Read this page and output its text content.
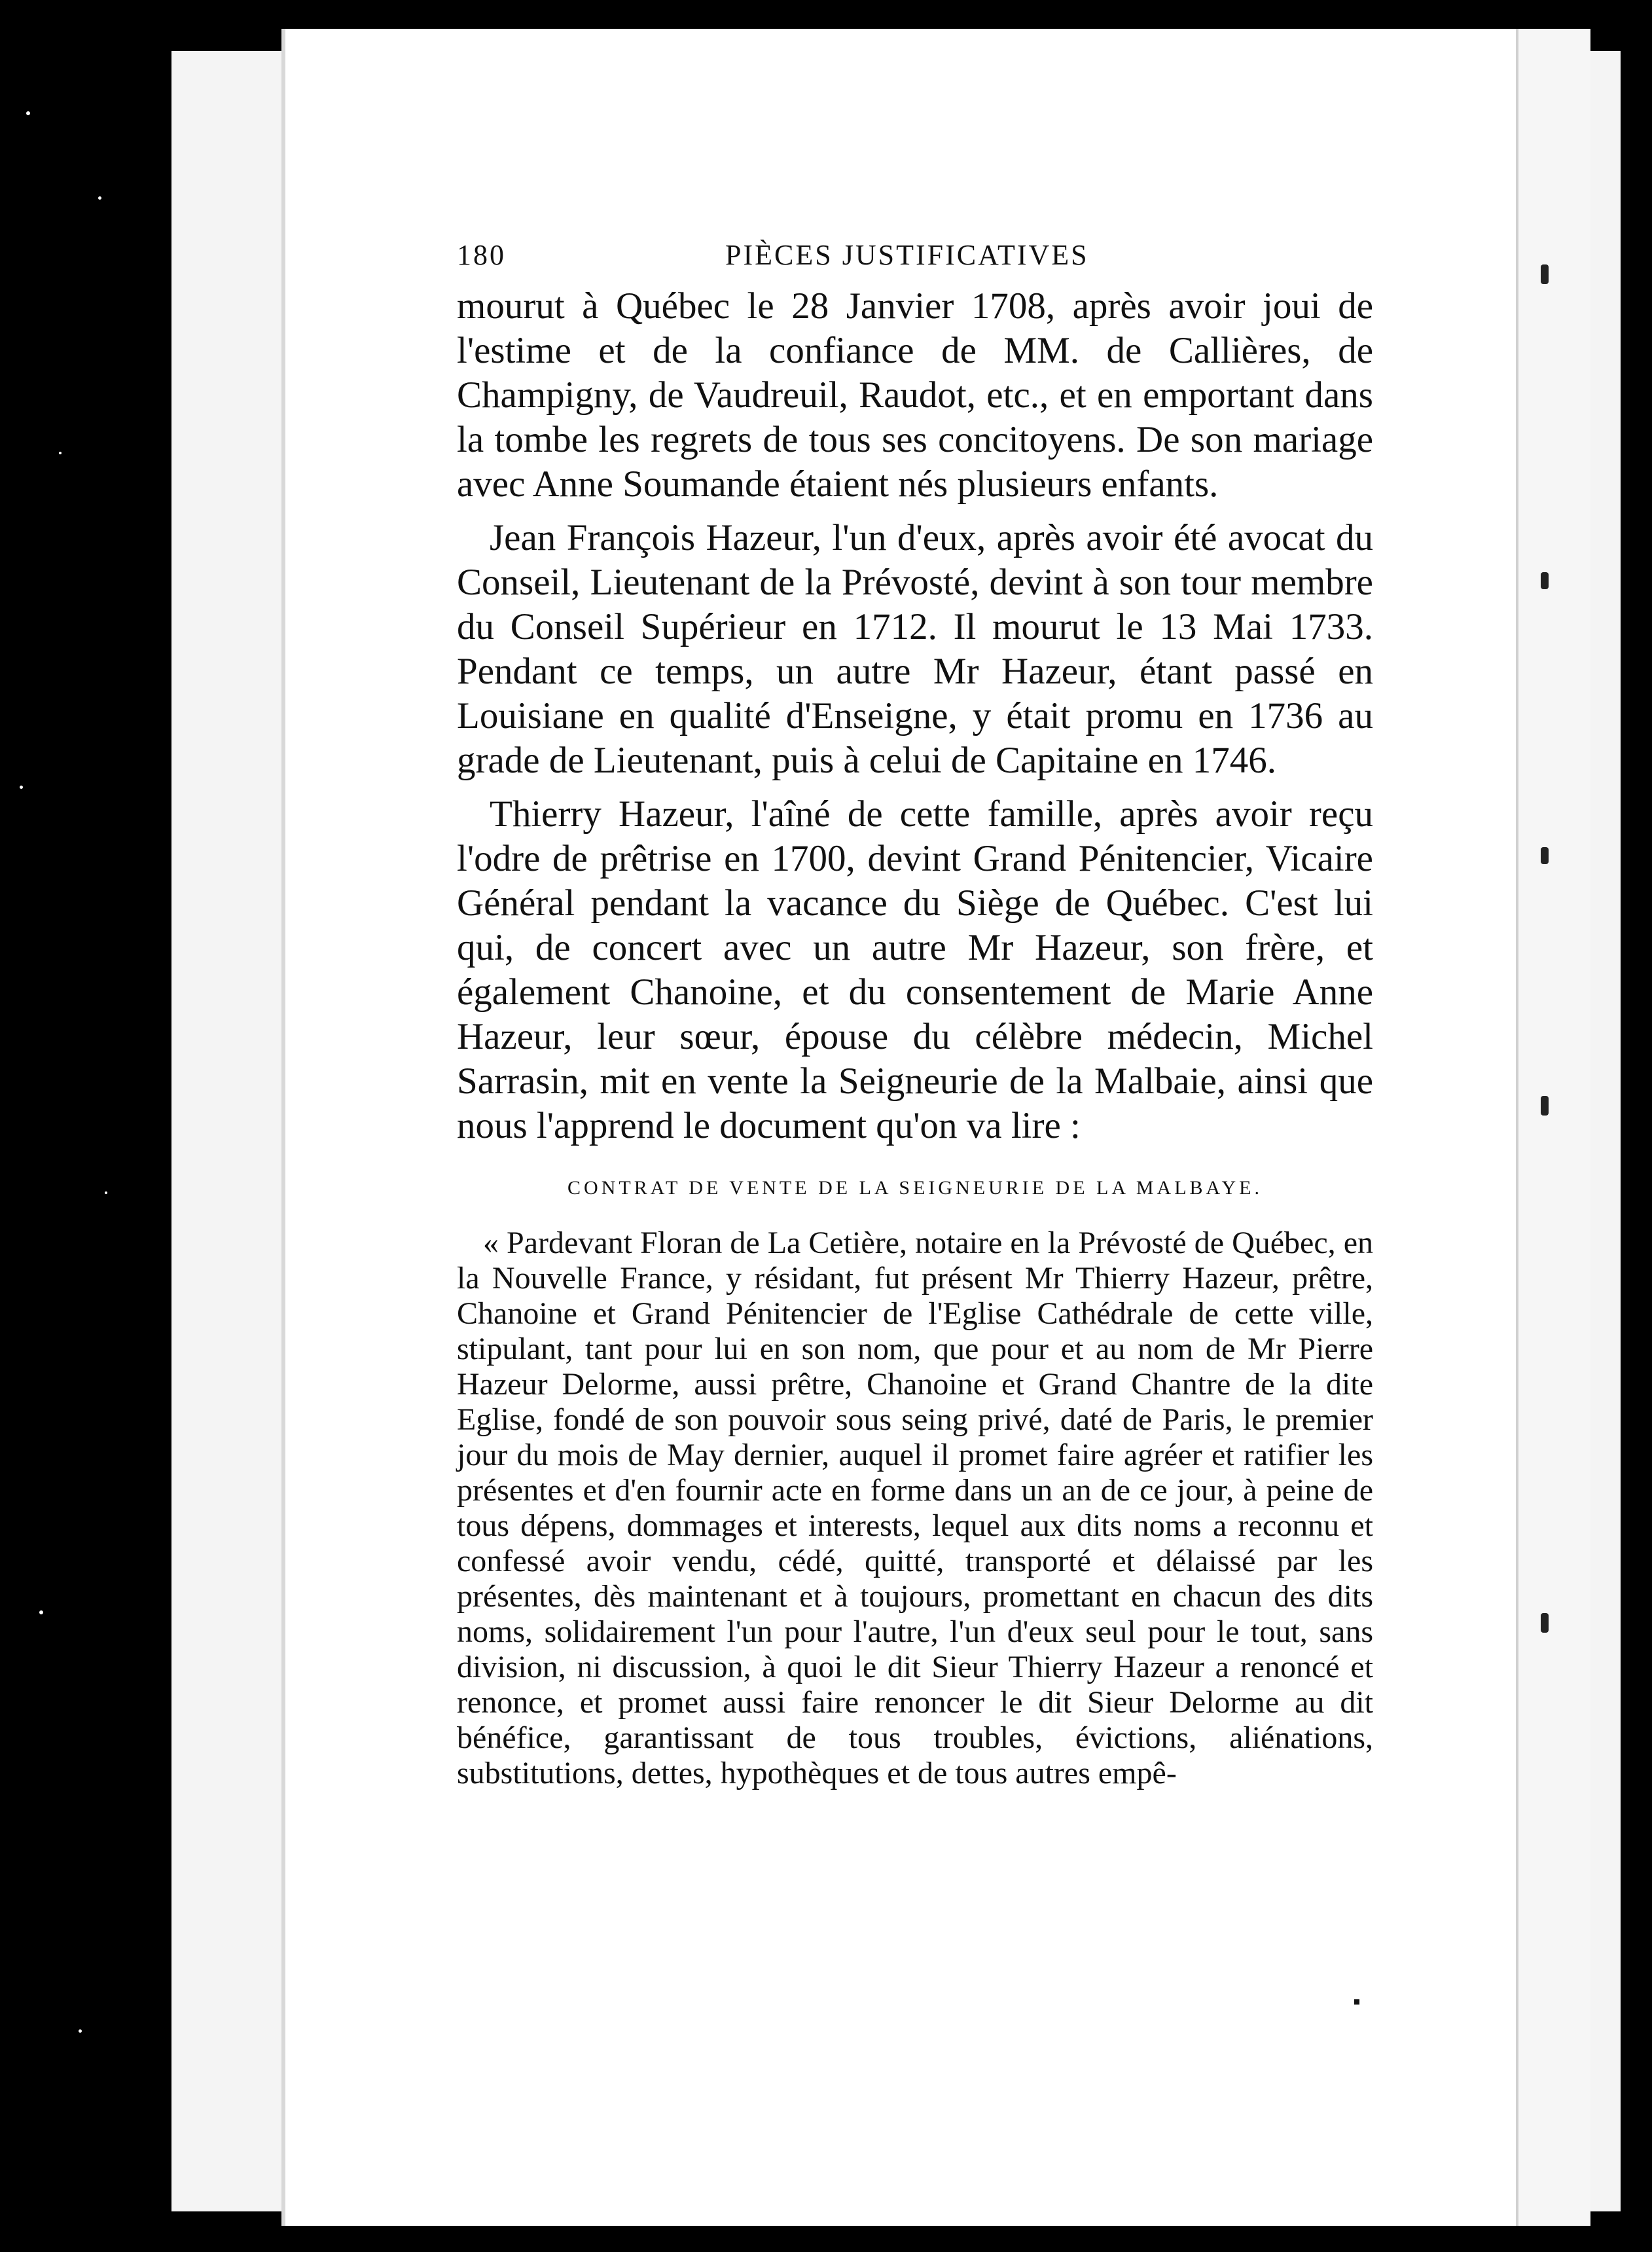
180	PIÈCES JUSTIFICATIVES

mourut à Québec le 28 Janvier 1708, après avoir joui de l'estime et de la confiance de MM. de Callières, de Champigny, de Vaudreuil, Raudot, etc., et en emportant dans la tombe les regrets de tous ses concitoyens. De son mariage avec Anne Soumande étaient nés plusieurs enfants.

Jean François Hazeur, l'un d'eux, après avoir été avocat du Conseil, Lieutenant de la Prévosté, devint à son tour membre du Conseil Supérieur en 1712. Il mourut le 13 Mai 1733. Pendant ce temps, un autre Mr Hazeur, étant passé en Louisiane en qualité d'Enseigne, y était promu en 1736 au grade de Lieutenant, puis à celui de Capitaine en 1746.

Thierry Hazeur, l'aîné de cette famille, après avoir reçu l'odre de prêtrise en 1700, devint Grand Pénitencier, Vicaire Général pendant la vacance du Siège de Québec. C'est lui qui, de concert avec un autre Mr Hazeur, son frère, et également Chanoine, et du consentement de Marie Anne Hazeur, leur sœur, épouse du célèbre médecin, Michel Sarrasin, mit en vente la Seigneurie de la Malbaie, ainsi que nous l'apprend le document qu'on va lire :

CONTRAT DE VENTE DE LA SEIGNEURIE DE LA MALBAYE.

« Pardevant Floran de La Cetière, notaire en la Prévosté de Québec, en la Nouvelle France, y résidant, fut présent Mr Thierry Hazeur, prêtre, Chanoine et Grand Pénitencier de l'Eglise Cathédrale de cette ville, stipulant, tant pour lui en son nom, que pour et au nom de Mr Pierre Hazeur Delorme, aussi prêtre, Chanoine et Grand Chantre de la dite Eglise, fondé de son pouvoir sous seing privé, daté de Paris, le premier jour du mois de May dernier, auquel il promet faire agréer et ratifier les présentes et d'en fournir acte en forme dans un an de ce jour, à peine de tous dépens, dommages et interests, lequel aux dits noms a reconnu et confessé avoir vendu, cédé, quitté, transporté et délaissé par les présentes, dès maintenant et à toujours, promettant en chacun des dits noms, solidairement l'un pour l'autre, l'un d'eux seul pour le tout, sans division, ni discussion, à quoi le dit Sieur Thierry Hazeur a renoncé et renonce, et promet aussi faire renoncer le dit Sieur Delorme au dit bénéfice, garantissant de tous troubles, évictions, aliénations, substitutions, dettes, hypothèques et de tous autres empê-
